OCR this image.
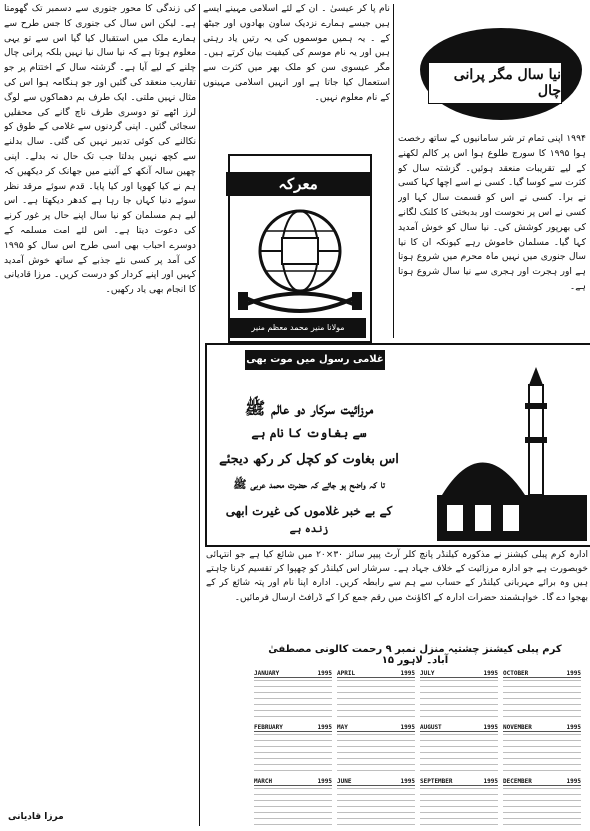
نیا سال مگر پرانی چال

۱۹۹۴ اپنی تمام تر شر سامانیوں کے ساتھ رخصت ہوا ۱۹۹۵ کا سورج طلوع ہوا اس پر کالم لکھنے کے لیے تقریبات منعقد ہوئیں۔ گزشتہ سال کو کثرت سے کوسا گیا۔ کسی نے اسے اچھا کہا کسی نے برا۔ کسی نے اس کو قسمت سال کہا اور کسی نے اس پر نحوست اور بدبختی کا کلنک لگانے کی بھرپور کوشش کی۔ نیا سال کو خوش آمدید کہا گیا۔ مسلمان خاموش رہے کیونکہ ان کا نیا سال جنوری میں نہیں ماہ محرم میں شروع ہوتا ہے اور ہجرت اور ہجری سے نیا سال شروع ہوتا ہے۔

نام پا کر عیسیٰ ۔ ان کے لئے اسلامی مہینے ایسے ہیں جیسے ہمارے نزدیک ساون بھادوں اور جیٹھ کے ۔ یہ ہمیں موسموں کی یہ رتیں یاد رہتی ہیں اور یہ نام موسم کی کیفیت بیان کرتے ہیں۔ مگر عیسوی سن کو ملک بھر میں کثرت سے استعمال کیا جاتا ہے اور انہیں اسلامی مہینوں کے نام معلوم نہیں۔

کی زندگی کا محور جنوری سے دسمبر تک گھومتا ہے۔ لیکن اس سال کی جنوری کا جس طرح سے ہمارے ملک میں استقبال کیا گیا اس سے تو یہی معلوم ہوتا ہے کہ نیا سال نیا نہیں بلکہ پرانی چال چلنے کے لیے آیا ہے۔ گزشتہ سال کے اختتام پر جو تقاریب منعقد کی گئیں اور جو ہنگامہ ہوا اس کی مثال نہیں ملتی۔ ایک طرف بم دھماکوں سے لوگ لرز اٹھے تو دوسری طرف ناچ گانے کی محفلیں سجائی گئیں۔ اپنی گردنوں سے غلامی کے طوق کو نکالنے کی کوئی تدبیر نہیں کی گئی۔ سال بدلنے سے کچھ نہیں بدلتا جب تک حال نہ بدلے۔ اپنی چھین سالہ آنکھ کے آئینے میں جھانک کر دیکھیں کہ ہم نے کیا کھویا اور کیا پایا۔ قدم سوئے مرقد نظر سوئے دنیا کہاں جا رہا ہے کدھر دیکھتا ہے۔ اس لیے ہم مسلمان کو نیا سال اپنے حال پر غور کرنے کی دعوت دیتا ہے۔ اس لئے امت مسلمہ کے دوسرے احباب بھی اسی طرح اس سال کو ۱۹۹۵ کی آمد پر کسی نئے جذبے کے ساتھ خوش آمدید کہیں اور اپنے کردار کو درست کریں۔ مرزا قادیانی کا انجام بھی یاد رکھیں۔

مرزا قادیانی
معرکہ
مولانا منیر محمد معظم منیر
غلامی رسول میں موت بھی قبول ہے
مرزائیت سرکار دو عالم ﷺ
سے بغاوت کا نام ہے
اس بغاوت کو کچل کر رکھ دیجئے
تا کہ واضح ہو جائے کہ حضرت محمد عربی ﷺ
کے بے خبر غلاموں کی غیرت ابھی
زندہ ہے
ادارہ کرم پبلی کیشنز نے مذکورہ کیلنڈر پانچ کلر آرٹ پیپر سائز ۳۰×۲۰ میں شائع کیا ہے جو انتہائی خوبصورت ہے جو ادارہ مرزائیت کے خلاف جہاد ہے۔ سرشار اس کیلنڈر کو چھپوا کر تقسیم کرنا چاہتے ہیں وہ برائے مہربانی کیلنڈر کے حساب سے ہم سے رابطہ کریں۔ ادارہ اپنا نام اور پتہ شائع کر کے بھجوا دے گا۔ خواہشمند حضرات ادارہ کے اکاؤنٹ میں رقم جمع کرا کے ڈرافٹ ارسال فرمائیں۔
کرم پبلی کیشنز چشتیہ منزل نمبر ۹ رحمت کالونی مصطفیٰ آباد۔ لاہور ۱۵
JANUARY	1995 APRIL	1995 JULY	1995 OCTOBER	1995
FEBRUARY	1995 MAY	1995 AUGUST	1995 NOVEMBER	1995
MARCH	1995 JUNE	1995 SEPTEMBER	1995 DECEMBER	1995
